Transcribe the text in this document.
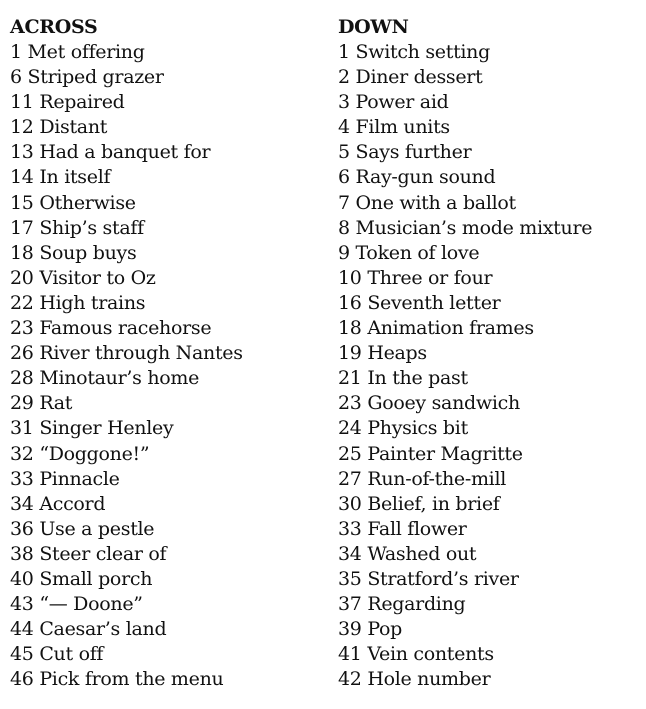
ACROSS
1 Met offering
6 Striped grazer
11 Repaired
12 Distant
13 Had a banquet for
14 In itself
15 Otherwise
17 Ship’s staff
18 Soup buys
20 Visitor to Oz
22 High trains
23 Famous racehorse
26 River through Nantes
28 Minotaur’s home
29 Rat
31 Singer Henley
32 “Doggone!”
33 Pinnacle
34 Accord
36 Use a pestle
38 Steer clear of
40 Small porch
43 “— Doone”
44 Caesar’s land
45 Cut off
46 Pick from the menu
DOWN
1 Switch setting
2 Diner dessert
3 Power aid
4 Film units
5 Says further
6 Ray-gun sound
7 One with a ballot
8 Musician’s mode mixture
9 Token of love
10 Three or four
16 Seventh letter
18 Animation frames
19 Heaps
21 In the past
23 Gooey sandwich
24 Physics bit
25 Painter Magritte
27 Run-of-the-mill
30 Belief, in brief
33 Fall flower
34 Washed out
35 Stratford’s river
37 Regarding
39 Pop
41 Vein contents
42 Hole number
